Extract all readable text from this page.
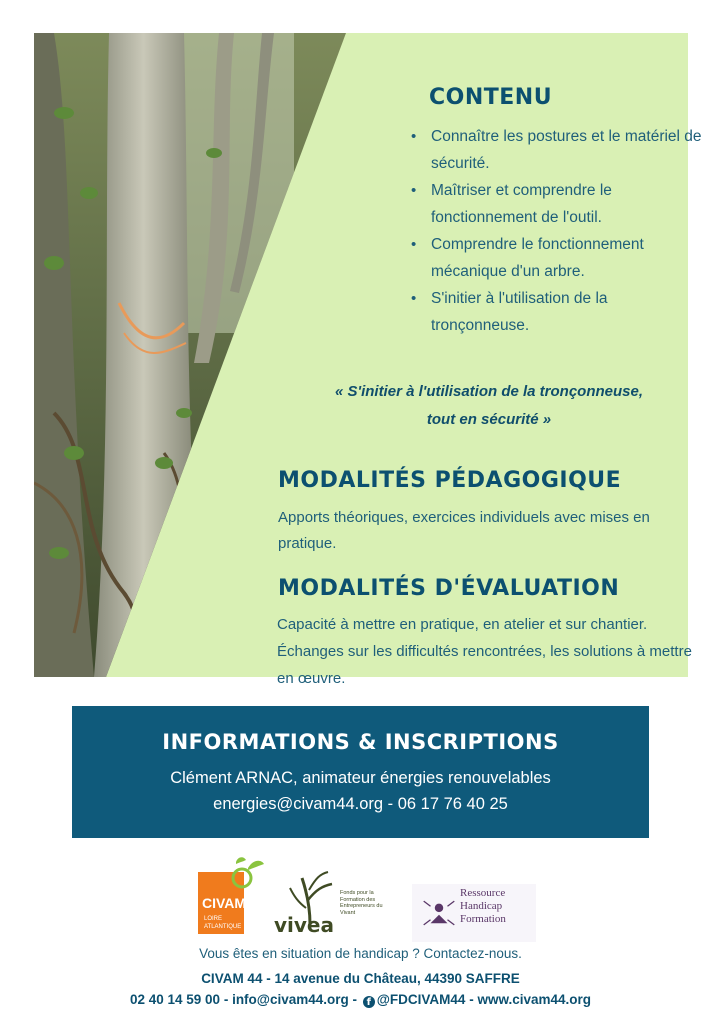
CONTENU
• Connaître les postures et le matériel de sécurité.
• Maîtriser et comprendre le fonctionnement de l'outil.
• Comprendre le fonctionnement mécanique d'un arbre.
• S'initier à l'utilisation de la tronçonneuse.
« S'initier à l'utilisation de la tronçonneuse,
tout en sécurité »
MODALITÉS PÉDAGOGIQUE
Apports théoriques, exercices individuels avec mises en pratique.
MODALITÉS D'ÉVALUATION
Capacité à mettre en pratique, en atelier et sur chantier. Échanges sur les difficultés rencontrées, les solutions à mettre en œuvre.
INFORMATIONS & INSCRIPTIONS
Clément ARNAC, animateur énergies renouvelables
energies@civam44.org - 06 17 76 40 25
CIVAM
LOIRE
ATLANTIQUE vivea
Fonds pour la Formation des Entrepreneurs du Vivant
Ressource
Handicap
Formation
Vous êtes en situation de handicap ? Contactez-nous.
CIVAM 44 - 14 avenue du Château, 44390 SAFFRE
02 40 14 59 00 - info@civam44.org - f @FDCIVAM44 - www.civam44.org
